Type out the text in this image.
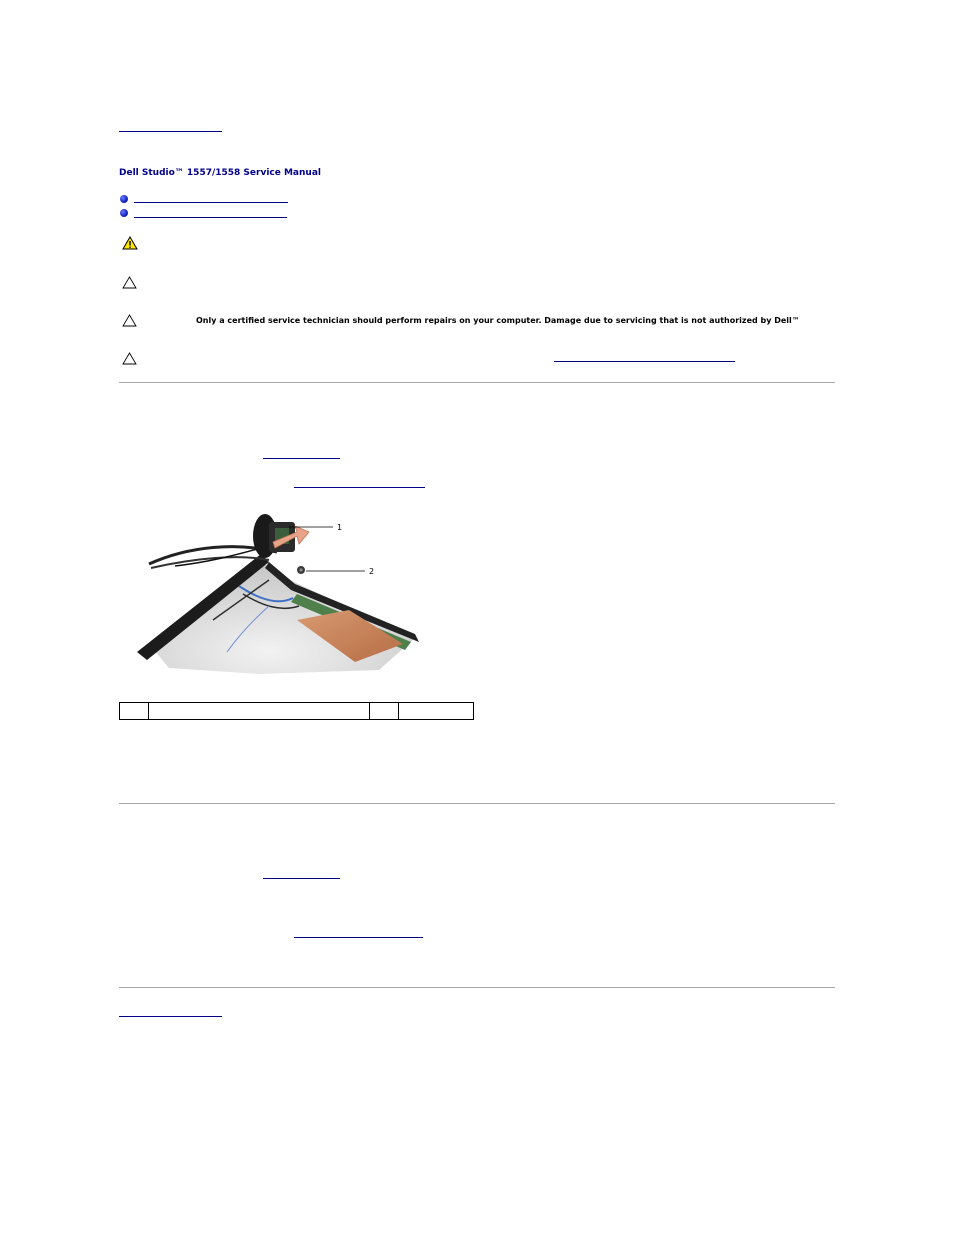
Dell Studio™ 1557/1558 Service Manual
Only a certified service technician should perform repairs on your computer. Damage due to servicing that is not authorized by Dell™
1
2
